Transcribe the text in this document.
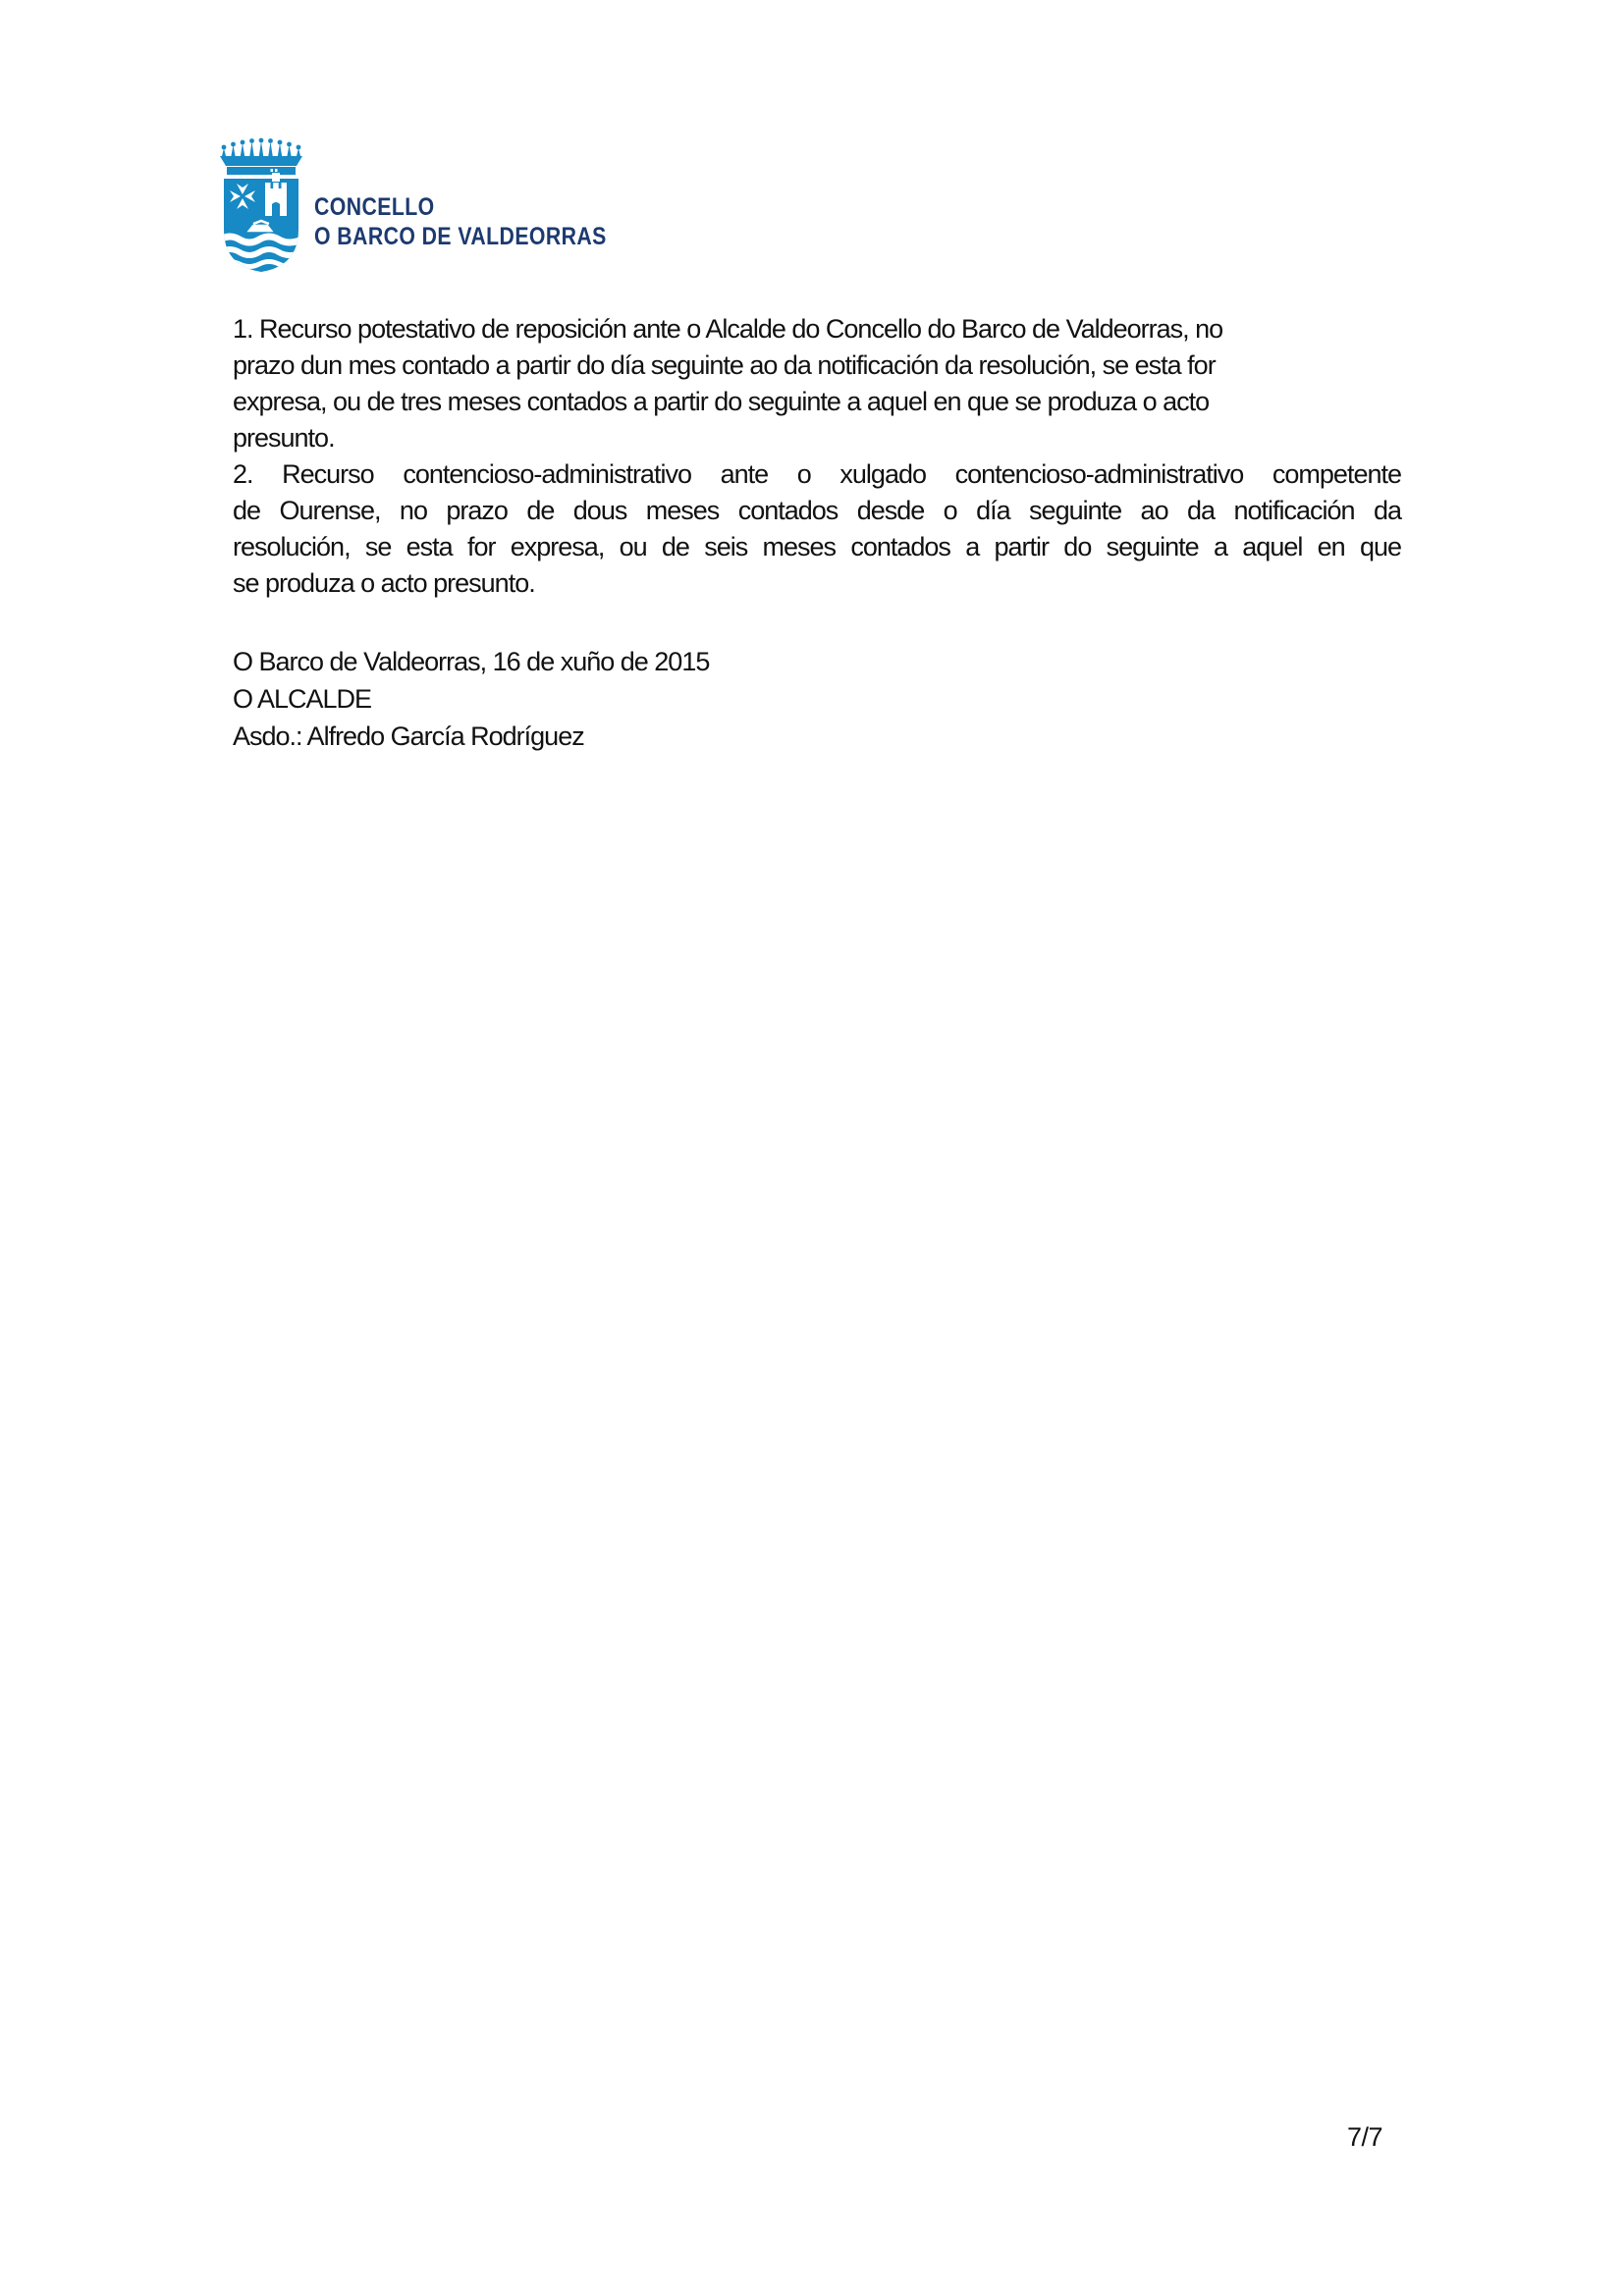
CONCELLO
O BARCO DE VALDEORRAS
1. Recurso potestativo de reposición ante o Alcalde do Concello do Barco de Valdeorras, no
prazo dun mes contado a partir do día seguinte ao da notificación da resolución, se esta for
expresa, ou de tres meses contados a partir do seguinte a aquel en que se produza o acto
presunto.
2. Recurso contencioso-administrativo ante o xulgado contencioso-administrativo competente
de Ourense, no prazo de dous meses contados desde o día seguinte ao da notificación da
resolución, se esta for expresa, ou de seis meses contados a partir do seguinte a aquel en que
se produza o acto presunto.
O Barco de Valdeorras, 16 de xuño de 2015
O ALCALDE
Asdo.: Alfredo García Rodríguez
7/7
